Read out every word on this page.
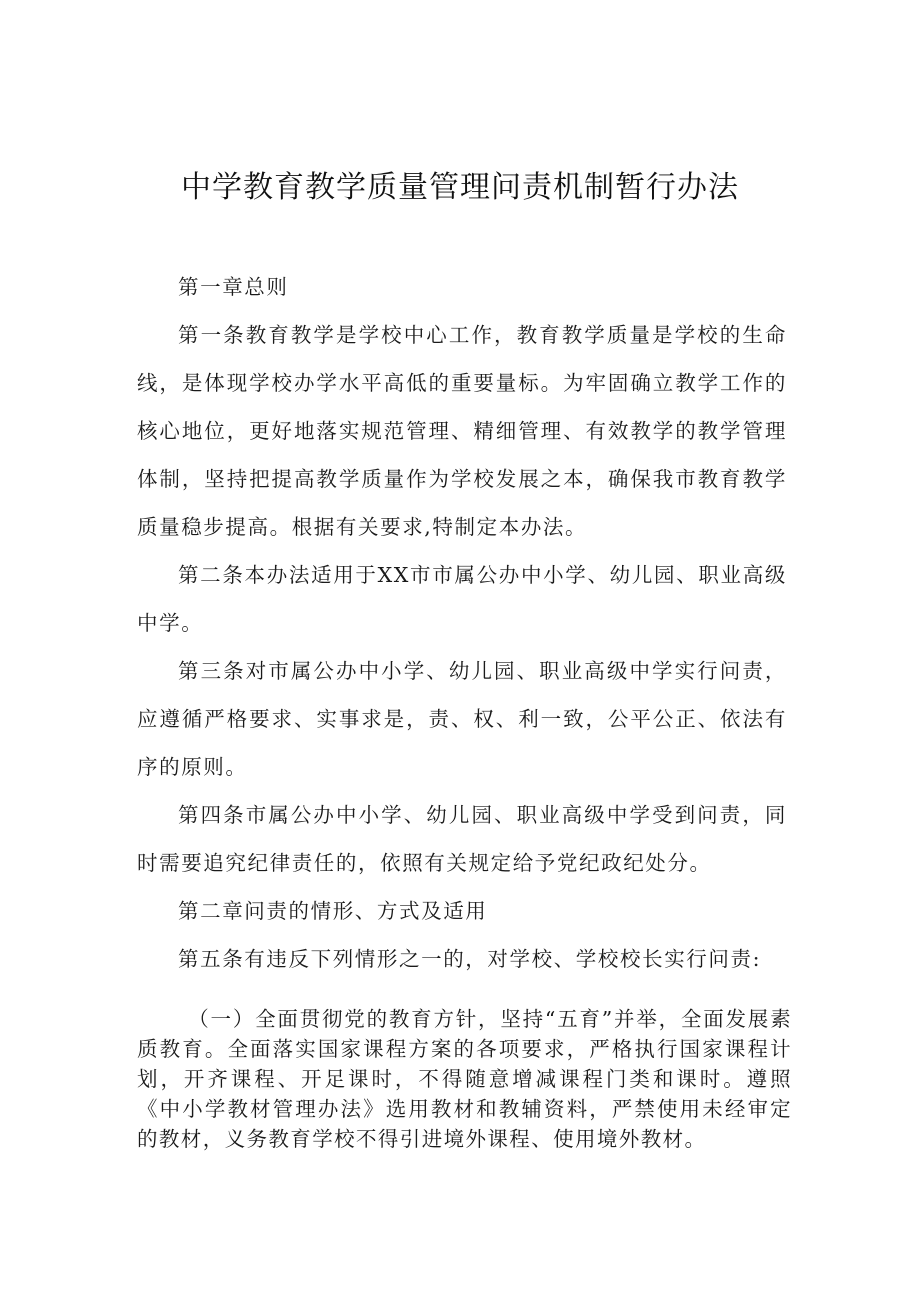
中学教育教学质量管理问责机制暂行办法

第一章总则

第一条教育教学是学校中心工作，教育教学质量是学校的生命线，是体现学校办学水平高低的重要量标。为牢固确立教学工作的核心地位，更好地落实规范管理、精细管理、有效教学的教学管理体制，坚持把提高教学质量作为学校发展之本，确保我市教育教学质量稳步提高。根据有关要求,特制定本办法。

第二条本办法适用于XX市市属公办中小学、幼儿园、职业高级中学。

第三条对市属公办中小学、幼儿园、职业高级中学实行问责，应遵循严格要求、实事求是，责、权、利一致，公平公正、依法有序的原则。

第四条市属公办中小学、幼儿园、职业高级中学受到问责，同时需要追究纪律责任的，依照有关规定给予党纪政纪处分。

第二章问责的情形、方式及适用

第五条有违反下列情形之一的，对学校、学校校长实行问责:

（一）全面贯彻党的教育方针，坚持“五育”并举，全面发展素质教育。全面落实国家课程方案的各项要求，严格执行国家课程计划，开齐课程、开足课时，不得随意增减课程门类和课时。遵照《中小学教材管理办法》选用教材和教辅资料，严禁使用未经审定的教材，义务教育学校不得引进境外课程、使用境外教材。
